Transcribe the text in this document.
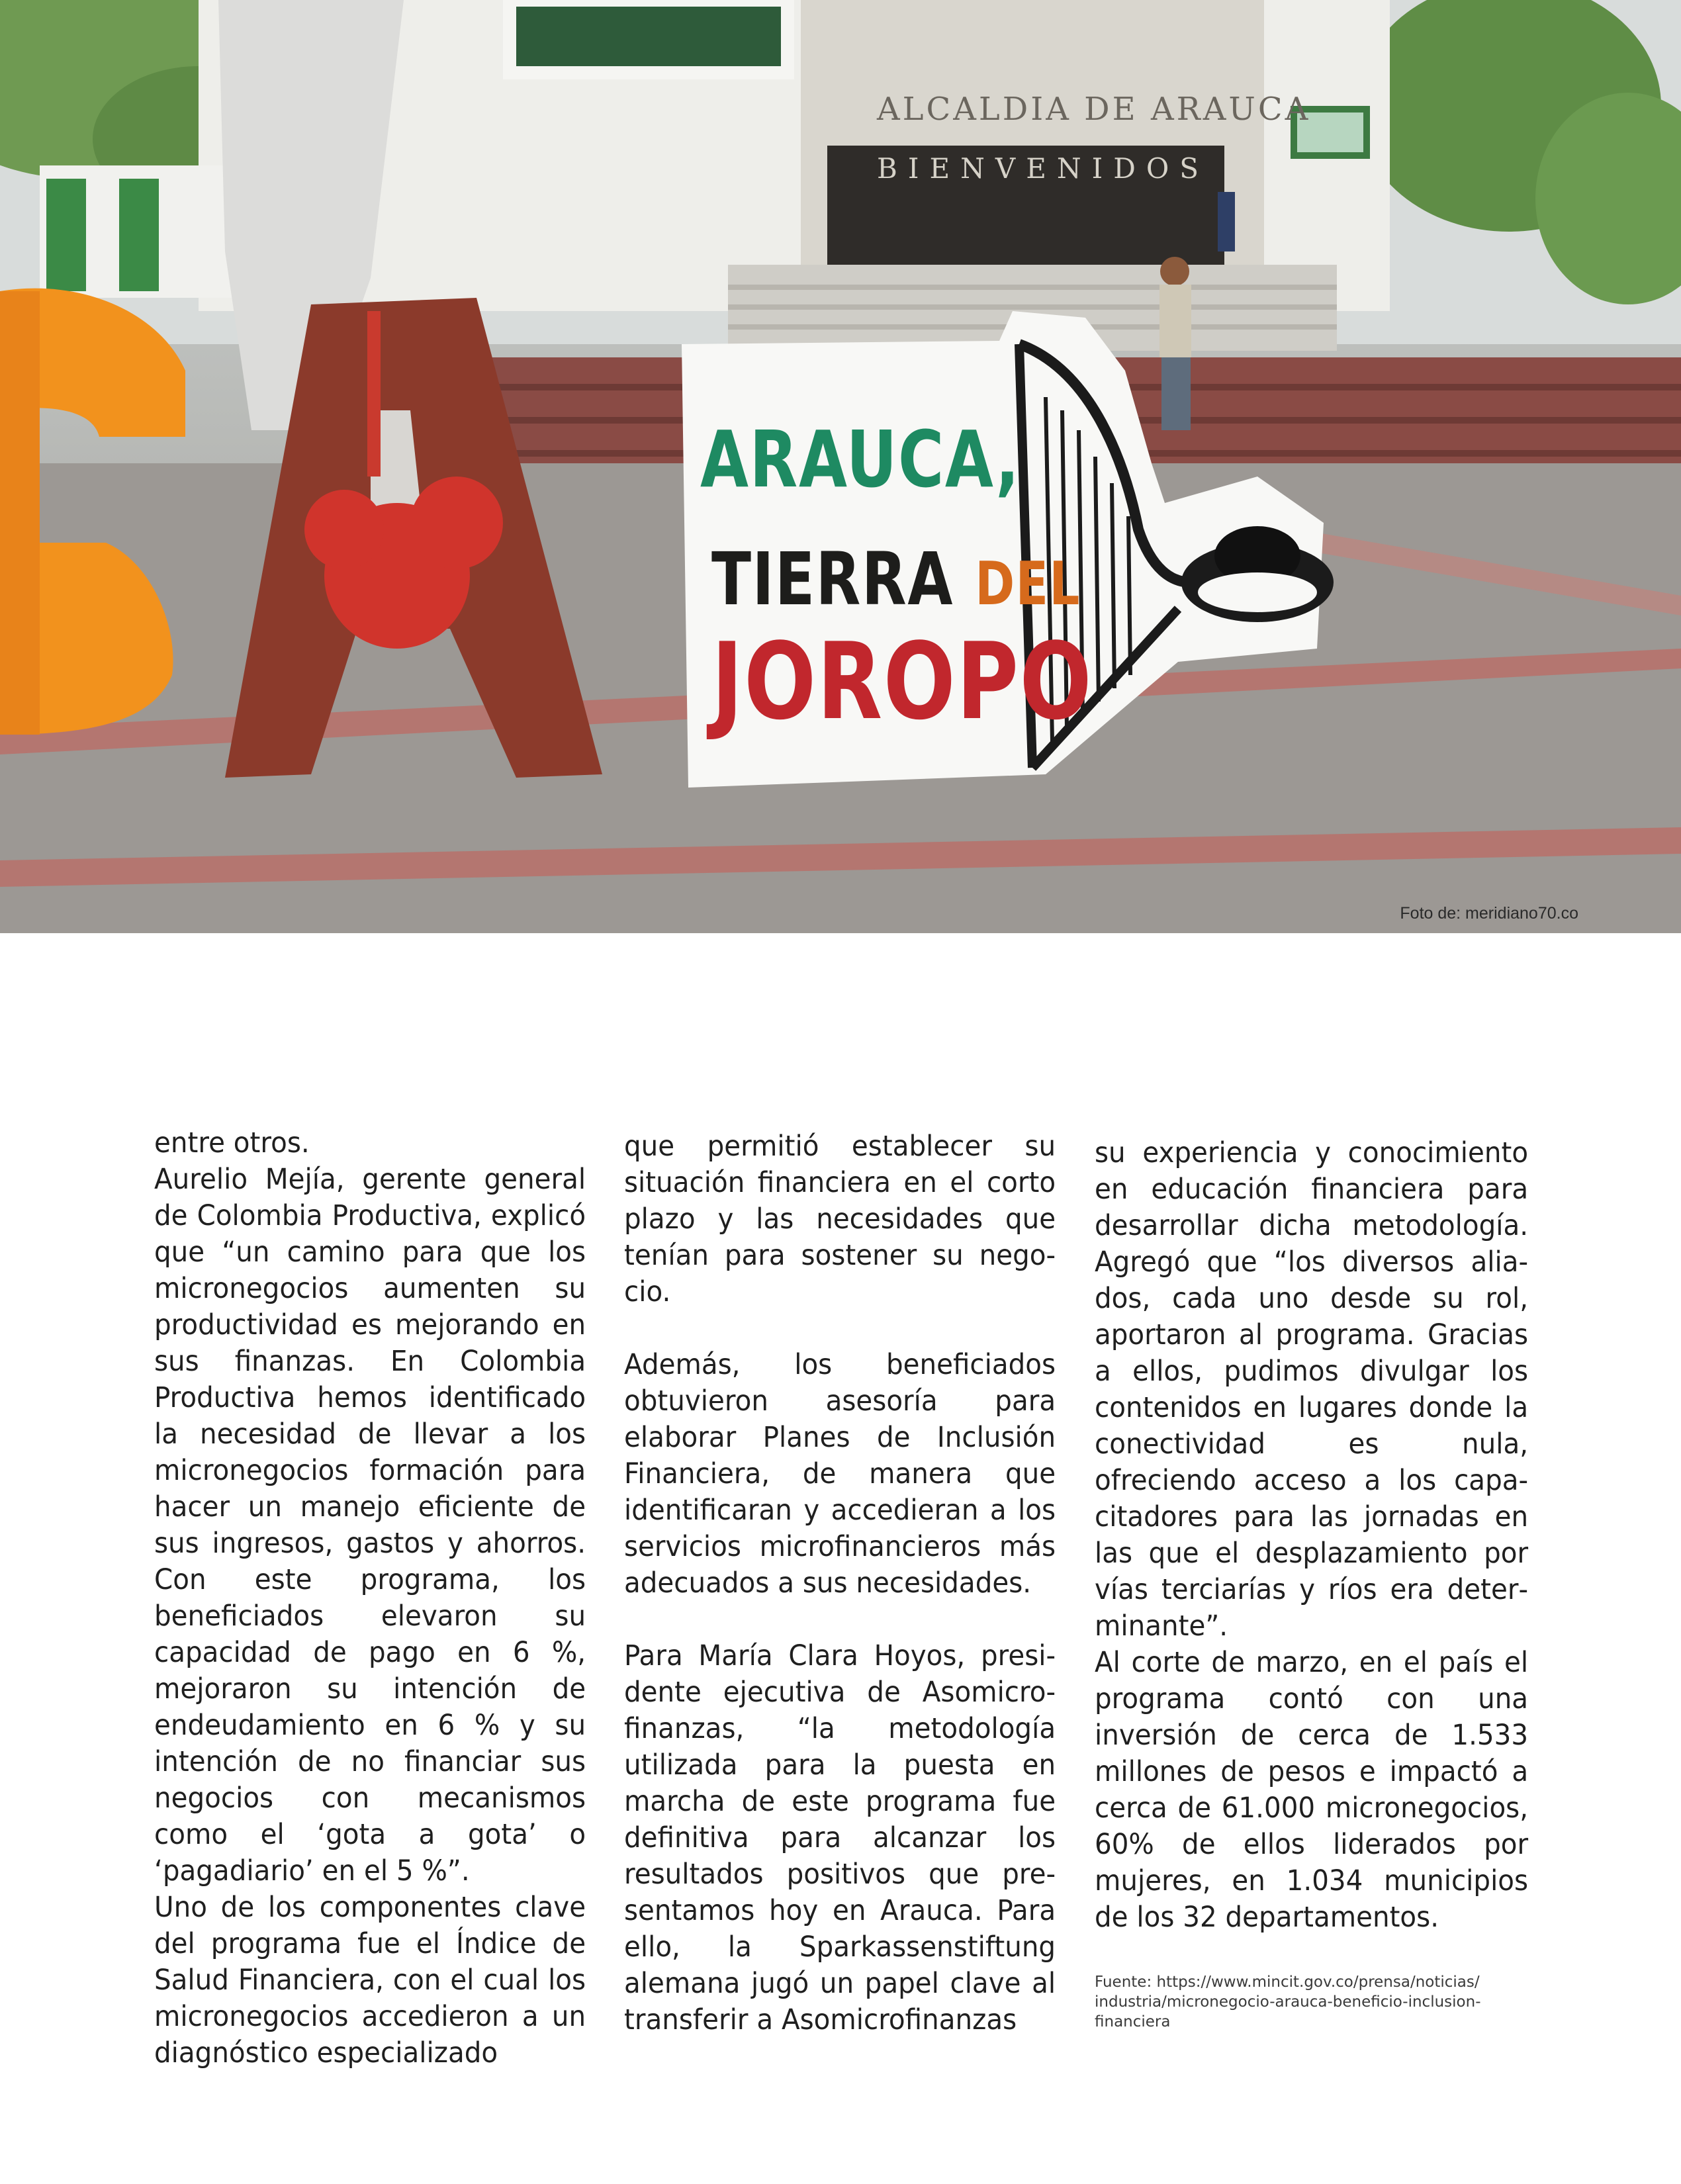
ALCALDIA DE ARAUCA
BIENVENIDOS
ARAUCA,
TIERRA DEL
JOROPO
Foto de: meridiano70.co

entre otros.

Aurelio Mejía, gerente general de Colombia Productiva, explicó que “un camino para que los micronegocios aumenten su productividad es mejorando en sus finanzas. En Colombia Productiva hemos identificado la necesidad de llevar a los micronegocios formación para hacer un manejo eficiente de sus ingresos, gastos y ahorros. Con este programa, los beneficiados elevaron su capacidad de pago en 6 %, mejoraron su intención de endeudamiento en 6 % y su intención de no financiar sus negocios con mecanismos como el ‘gota a gota’ o ‘pagadiario’ en el 5 %”.

Uno de los componentes clave del programa fue el Índice de Salud Financiera, con el cual los micronegocios accedieron a un diagnóstico especializado

que permitió establecer su situación financiera en el corto plazo y las necesidades que tenían para sostener su negocio.

Además, los beneficiados obtuvieron asesoría para elaborar Planes de Inclusión Financiera, de manera que identificaran y accedieran a los servicios microfinancieros más adecuados a sus necesidades.

Para María Clara Hoyos, presidente ejecutiva de Asomicrofinanzas, “la metodología utilizada para la puesta en marcha de este programa fue definitiva para alcanzar los resultados positivos que presentamos hoy en Arauca. Para ello, la Sparkassenstiftung alemana jugó un papel clave al transferir a Asomicrofinanzas

su experiencia y conocimiento en educación financiera para desarrollar dicha metodología. Agregó que “los diversos aliados, cada uno desde su rol, aportaron al programa. Gracias a ellos, pudimos divulgar los contenidos en lugares donde la conectividad es nula, ofreciendo acceso a los capacitadores para las jornadas en las que el desplazamiento por vías terciarías y ríos era determinante”.

Al corte de marzo, en el país el programa contó con una inversión de cerca de 1.533 millones de pesos e impactó a cerca de 61.000 micronegocios, 60% de ellos liderados por mujeres, en 1.034 municipios de los 32 departamentos.

Fuente: https://www.mincit.gov.co/prensa/noticias/
industria/micronegocio-arauca-beneficio-inclusion-
financiera
